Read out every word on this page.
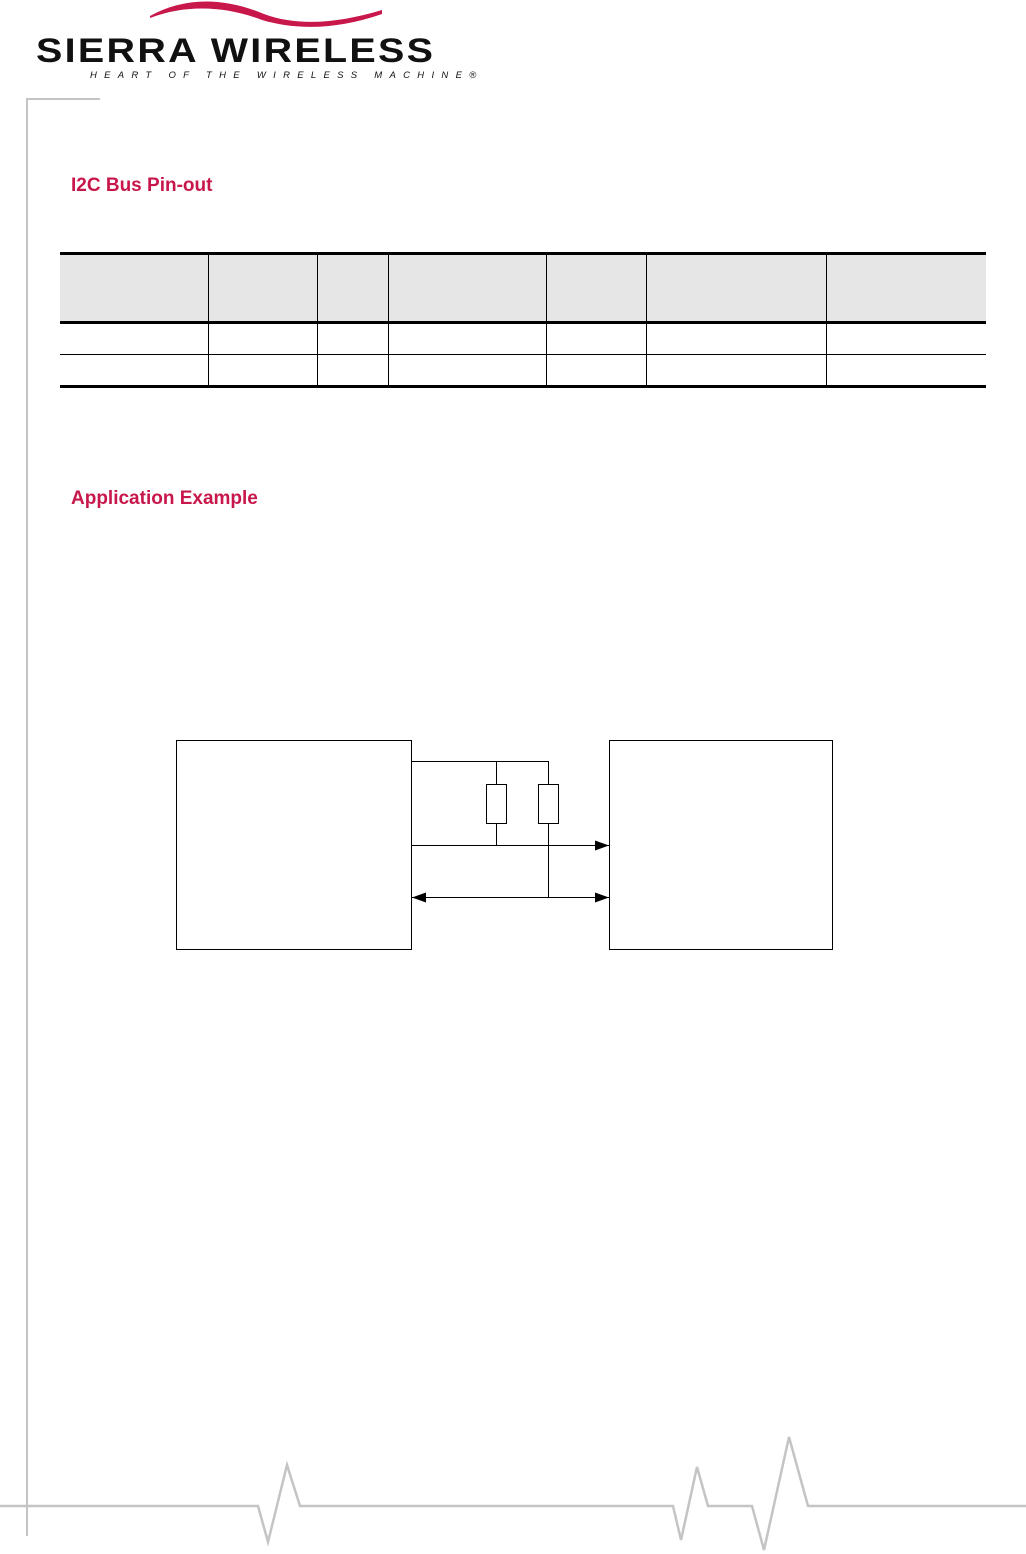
SIERRA WIRELESS
HEART OF THE WIRELESS MACHINE®
I2C Bus Pin-out

Application Example
